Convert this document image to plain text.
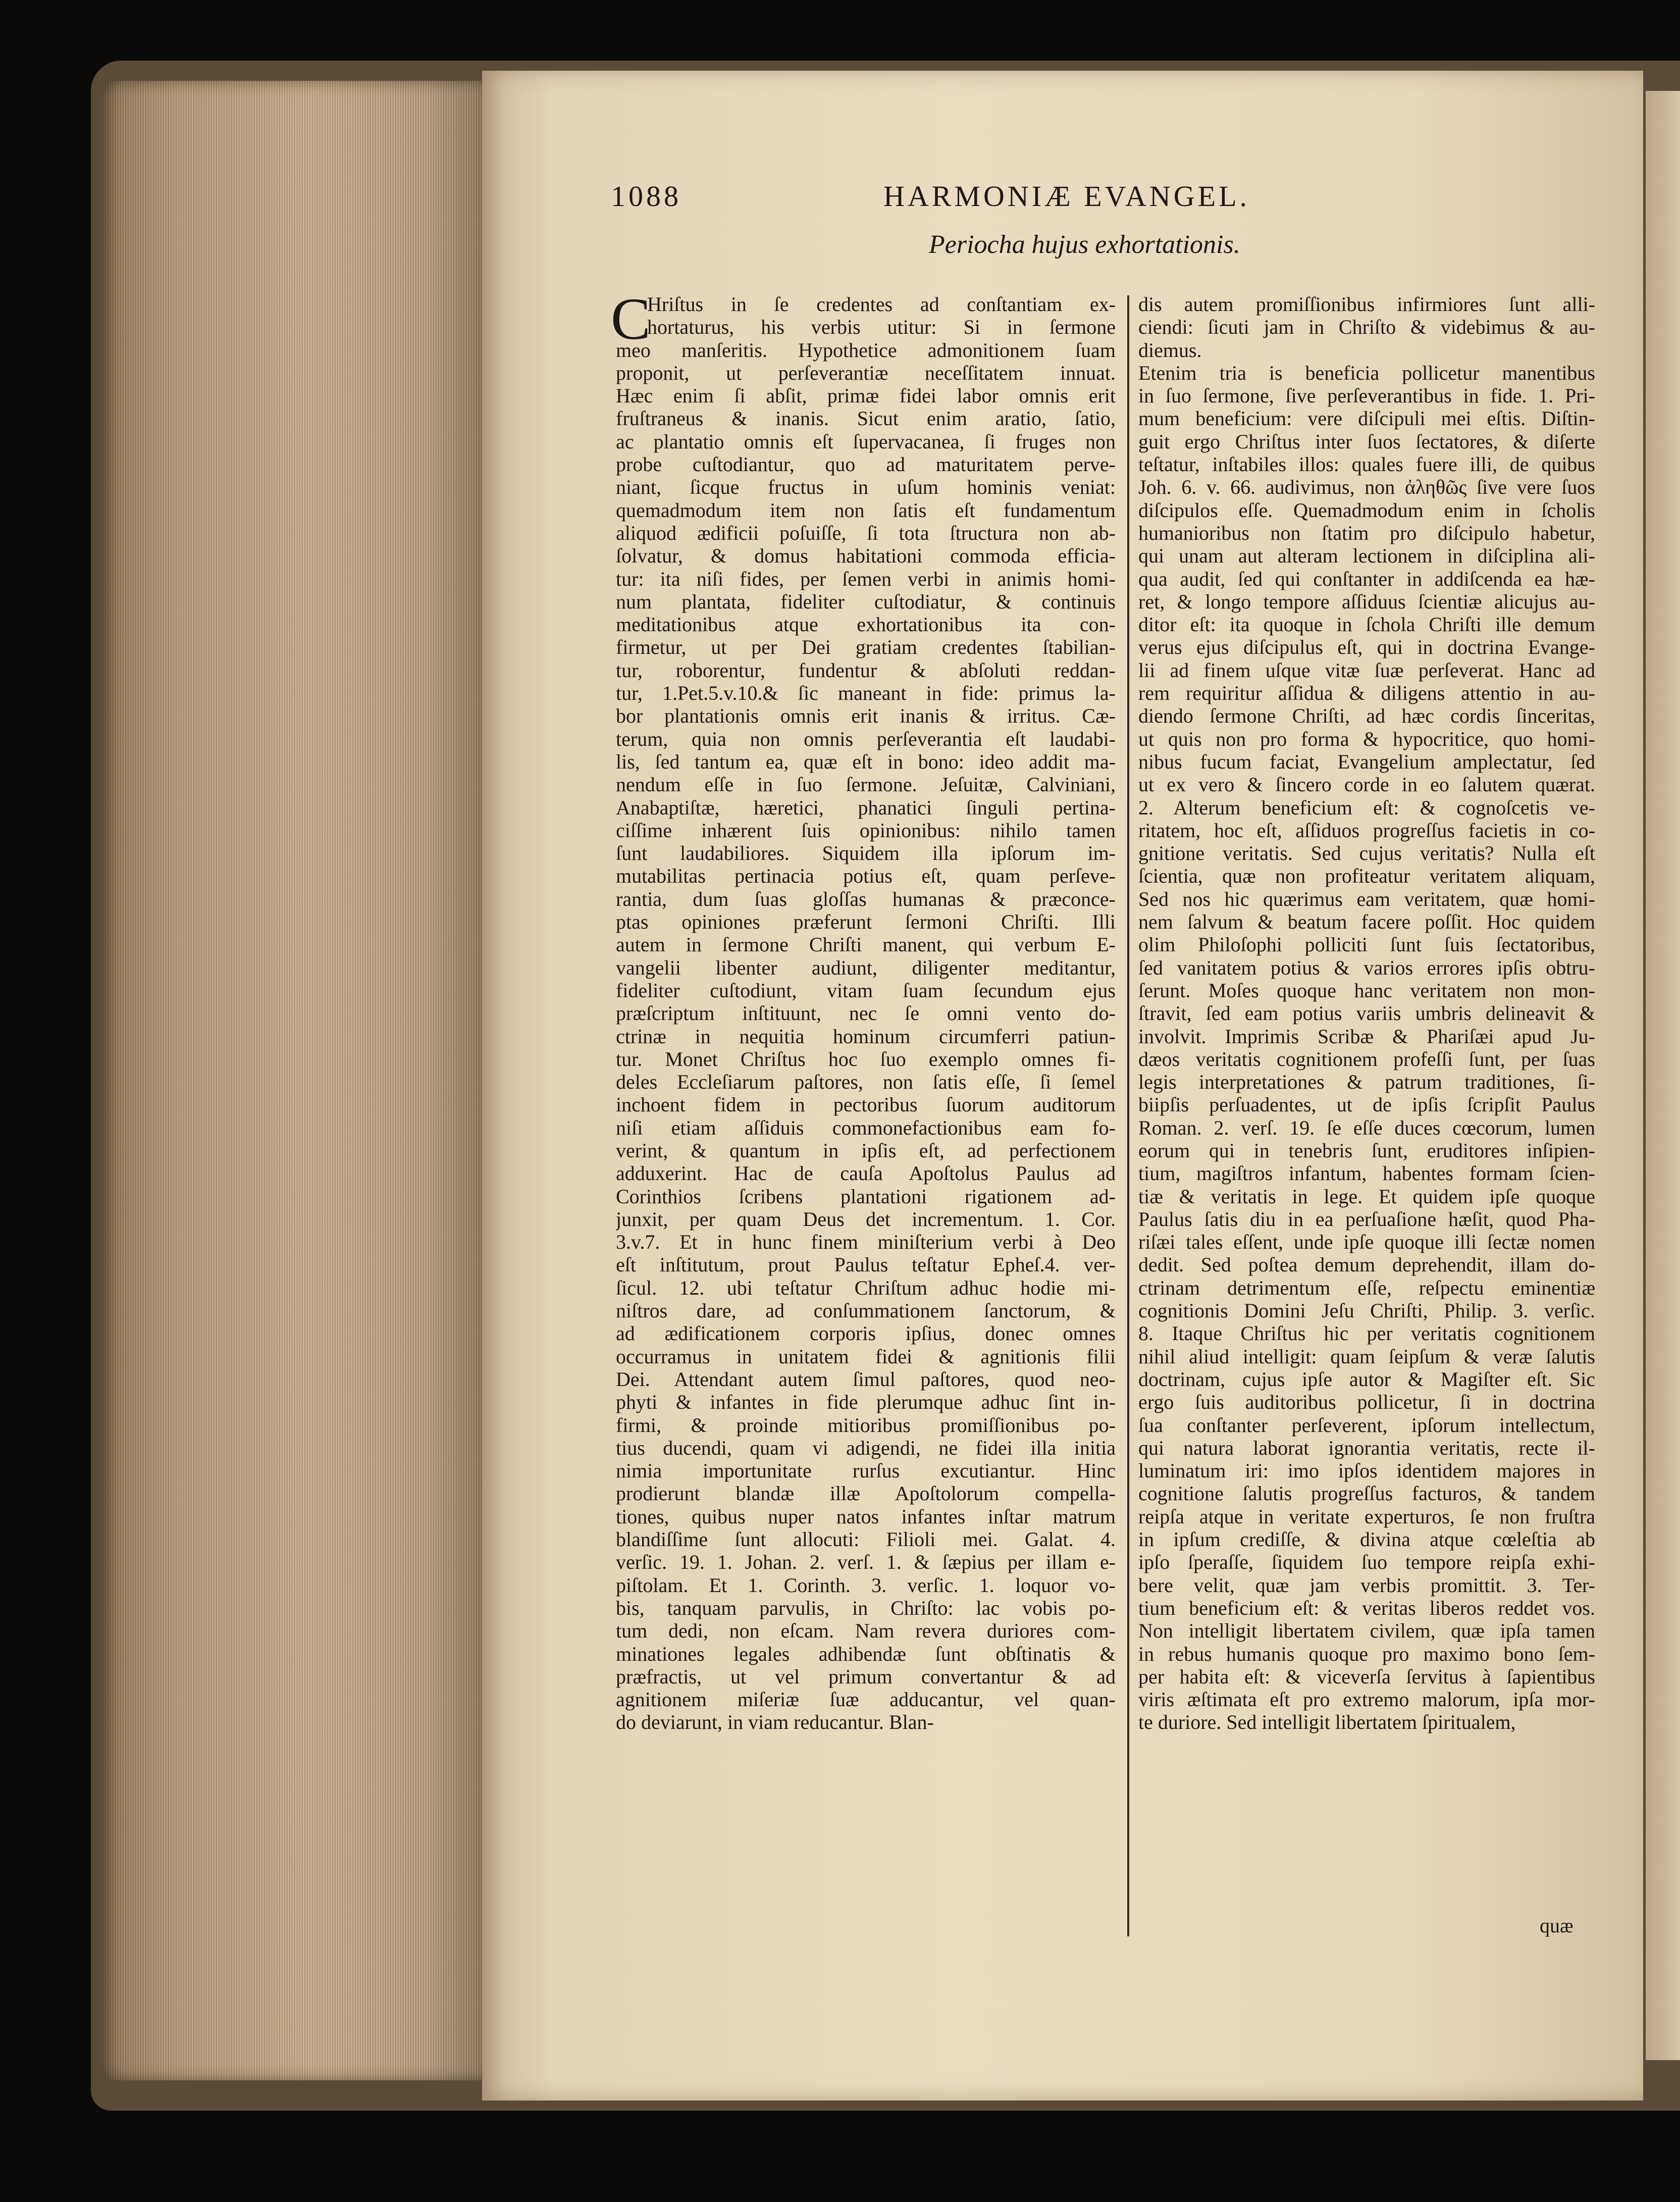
1088	HARMONIÆ EVANGEL.
Periocha hujus exhortationis.
C
Hriſtus in ſe credentes ad conſtantiam ex-
hortaturus, his verbis utitur: Si in ſermone
meo manſeritis. Hypothetice admonitionem ſuam
proponit, ut perſeverantiæ neceſſitatem innuat.
Hæc enim ſi abſit, primæ fidei labor omnis erit
fruſtraneus & inanis. Sicut enim aratio, ſatio,
ac plantatio omnis eſt ſupervacanea, ſi fruges non
probe cuſtodiantur, quo ad maturitatem perve-
niant, ſicque fructus in uſum hominis veniat:
quemadmodum item non ſatis eſt fundamentum
aliquod ædificii poſuiſſe, ſi tota ſtructura non ab-
ſolvatur, & domus habitationi commoda efficia-
tur: ita niſi fides, per ſemen verbi in animis homi-
num plantata, fideliter cuſtodiatur, & continuis
meditationibus atque exhortationibus ita con-
firmetur, ut per Dei gratiam credentes ſtabilian-
tur, roborentur, fundentur & abſoluti reddan-
tur, 1.Pet.5.v.10.& ſic maneant in fide: primus la-
bor plantationis omnis erit inanis & irritus. Cæ-
terum, quia non omnis perſeverantia eſt laudabi-
lis, ſed tantum ea, quæ eſt in bono: ideo addit ma-
nendum eſſe in ſuo ſermone. Jeſuitæ, Calviniani,
Anabaptiſtæ, hæretici, phanatici ſinguli pertina-
ciſſime inhærent ſuis opinionibus: nihilo tamen
ſunt laudabiliores. Siquidem illa ipſorum im-
mutabilitas pertinacia potius eſt, quam perſeve-
rantia, dum ſuas gloſſas humanas & præconce-
ptas opiniones præferunt ſermoni Chriſti. Illi
autem in ſermone Chriſti manent, qui verbum E-
vangelii libenter audiunt, diligenter meditantur,
fideliter cuſtodiunt, vitam ſuam ſecundum ejus
præſcriptum inſtituunt, nec ſe omni vento do-
ctrinæ in nequitia hominum circumferri patiun-
tur. Monet Chriſtus hoc ſuo exemplo omnes fi-
deles Eccleſiarum paſtores, non ſatis eſſe, ſi ſemel
inchoent fidem in pectoribus ſuorum auditorum
niſi etiam aſſiduis commonefactionibus eam fo-
verint, & quantum in ipſis eſt, ad perfectionem
adduxerint. Hac de cauſa Apoſtolus Paulus ad
Corinthios ſcribens plantationi rigationem ad-
junxit, per quam Deus det incrementum. 1. Cor.
3.v.7. Et in hunc finem miniſterium verbi à Deo
eſt inſtitutum, prout Paulus teſtatur Epheſ.4. ver-
ſicul. 12. ubi teſtatur Chriſtum adhuc hodie mi-
niſtros dare, ad conſummationem ſanctorum, &
ad ædificationem corporis ipſius, donec omnes
occurramus in unitatem fidei & agnitionis filii
Dei. Attendant autem ſimul paſtores, quod neo-
phyti & infantes in fide plerumque adhuc ſint in-
firmi, & proinde mitioribus promiſſionibus po-
tius ducendi, quam vi adigendi, ne fidei illa initia
nimia importunitate rurſus excutiantur. Hinc
prodierunt blandæ illæ Apoſtolorum compella-
tiones, quibus nuper natos infantes inſtar matrum
blandiſſime ſunt allocuti: Filioli mei. Galat. 4.
verſic. 19. 1. Johan. 2. verſ. 1. & ſæpius per illam e-
piſtolam. Et 1. Corinth. 3. verſic. 1. loquor vo-
bis, tanquam parvulis, in Chriſto: lac vobis po-
tum dedi, non eſcam. Nam revera duriores com-
minationes legales adhibendæ ſunt obſtinatis &
præfractis, ut vel primum convertantur & ad
agnitionem miſeriæ ſuæ adducantur, vel quan-
do deviarunt, in viam reducantur. Blan-
dis autem promiſſionibus infirmiores ſunt alli-
ciendi: ſicuti jam in Chriſto & videbimus & au-
diemus.
Etenim tria is beneficia pollicetur manentibus
in ſuo ſermone, ſive perſeverantibus in fide. 1. Pri-
mum beneficium: vere diſcipuli mei eſtis. Diſtin-
guit ergo Chriſtus inter ſuos ſectatores, & diſerte
teſtatur, inſtabiles illos: quales fuere illi, de quibus
Joh. 6. v. 66. audivimus, non ἀληθῶς ſive vere ſuos
diſcipulos eſſe. Quemadmodum enim in ſcholis
humanioribus non ſtatim pro diſcipulo habetur,
qui unam aut alteram lectionem in diſciplina ali-
qua audit, ſed qui conſtanter in addiſcenda ea hæ-
ret, & longo tempore aſſiduus ſcientiæ alicujus au-
ditor eſt: ita quoque in ſchola Chriſti ille demum
verus ejus diſcipulus eſt, qui in doctrina Evange-
lii ad finem uſque vitæ ſuæ perſeverat. Hanc ad
rem requiritur aſſidua & diligens attentio in au-
diendo ſermone Chriſti, ad hæc cordis ſinceritas,
ut quis non pro forma & hypocritice, quo homi-
nibus fucum faciat, Evangelium amplectatur, ſed
ut ex vero & ſincero corde in eo ſalutem quærat.
2. Alterum beneficium eſt: & cognoſcetis ve-
ritatem, hoc eſt, aſſiduos progreſſus facietis in co-
gnitione veritatis. Sed cujus veritatis? Nulla eſt
ſcientia, quæ non profiteatur veritatem aliquam,
Sed nos hic quærimus eam veritatem, quæ homi-
nem ſalvum & beatum facere poſſit. Hoc quidem
olim Philoſophi polliciti ſunt ſuis ſectatoribus,
ſed vanitatem potius & varios errores ipſis obtru-
ſerunt. Moſes quoque hanc veritatem non mon-
ſtravit, ſed eam potius variis umbris delineavit &
involvit. Imprimis Scribæ & Phariſæi apud Ju-
dæos veritatis cognitionem profeſſi ſunt, per ſuas
legis interpretationes & patrum traditiones, ſi-
biipſis perſuadentes, ut de ipſis ſcripſit Paulus
Roman. 2. verſ. 19. ſe eſſe duces cœcorum, lumen
eorum qui in tenebris ſunt, eruditores inſipien-
tium, magiſtros infantum, habentes formam ſcien-
tiæ & veritatis in lege. Et quidem ipſe quoque
Paulus ſatis diu in ea perſuaſione hæſit, quod Pha-
riſæi tales eſſent, unde ipſe quoque illi ſectæ nomen
dedit. Sed poſtea demum deprehendit, illam do-
ctrinam detrimentum eſſe, reſpectu eminentiæ
cognitionis Domini Jeſu Chriſti, Philip. 3. verſic.
8. Itaque Chriſtus hic per veritatis cognitionem
nihil aliud intelligit: quam ſeipſum & veræ ſalutis
doctrinam, cujus ipſe autor & Magiſter eſt. Sic
ergo ſuis auditoribus pollicetur, ſi in doctrina
ſua conſtanter perſeverent, ipſorum intellectum,
qui natura laborat ignorantia veritatis, recte il-
luminatum iri: imo ipſos identidem majores in
cognitione ſalutis progreſſus facturos, & tandem
reipſa atque in veritate experturos, ſe non fruſtra
in ipſum crediſſe, & divina atque cœleſtia ab
ipſo ſperaſſe, ſiquidem ſuo tempore reipſa exhi-
bere velit, quæ jam verbis promittit. 3. Ter-
tium beneficium eſt: & veritas liberos reddet vos.
Non intelligit libertatem civilem, quæ ipſa tamen
in rebus humanis quoque pro maximo bono ſem-
per habita eſt: & viceverſa ſervitus à ſapientibus
viris æſtimata eſt pro extremo malorum, ipſa mor-
te duriore. Sed intelligit libertatem ſpiritualem,
quæ
